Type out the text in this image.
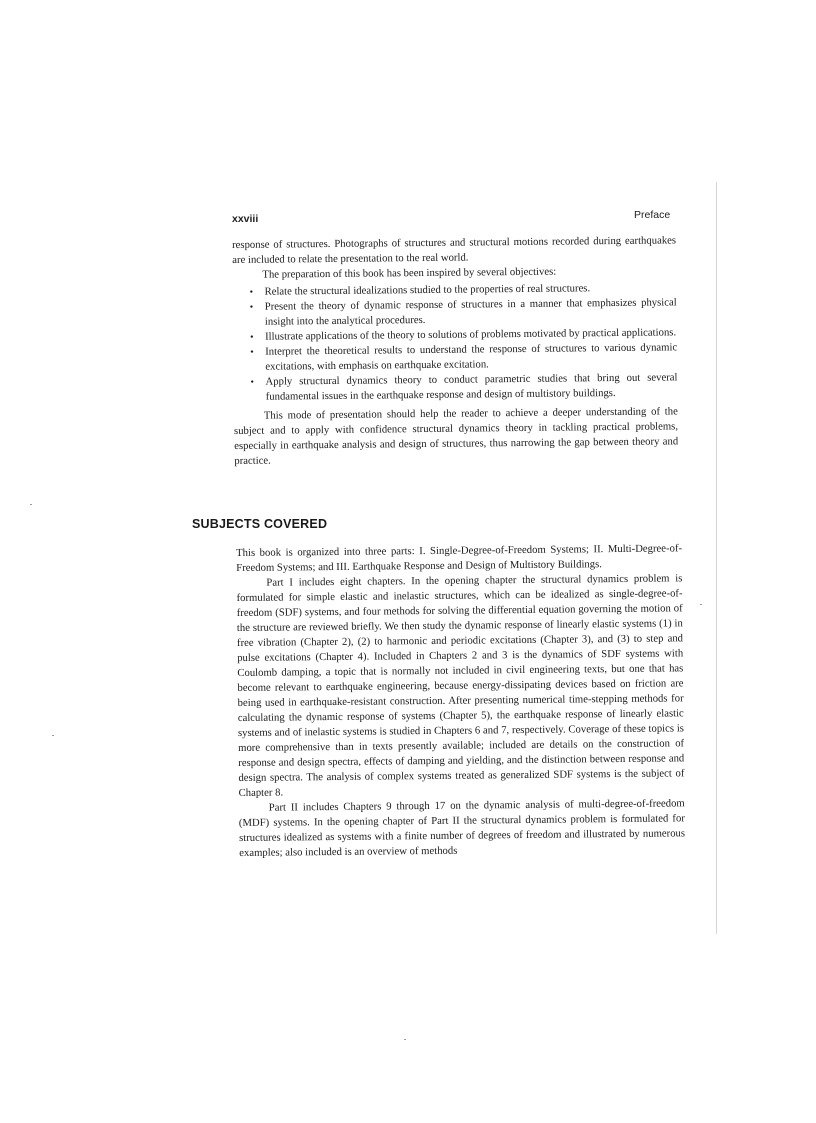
xxviii	Preface

response of structures. Photographs of structures and structural motions recorded during earthquakes are included to relate the presentation to the real world.

The preparation of this book has been inspired by several objectives:

• Relate the structural idealizations studied to the properties of real structures.
• Present the theory of dynamic response of structures in a manner that emphasizes physical insight into the analytical procedures.
• Illustrate applications of the theory to solutions of problems motivated by practical applications.
• Interpret the theoretical results to understand the response of structures to various dynamic excitations, with emphasis on earthquake excitation.
• Apply structural dynamics theory to conduct parametric studies that bring out several fundamental issues in the earthquake response and design of multistory buildings.

This mode of presentation should help the reader to achieve a deeper understanding of the subject and to apply with confidence structural dynamics theory in tackling practical problems, especially in earthquake analysis and design of structures, thus narrowing the gap between theory and practice.

SUBJECTS COVERED

This book is organized into three parts: I. Single-Degree-of-Freedom Systems; II. Multi-Degree-of-Freedom Systems; and III. Earthquake Response and Design of Multistory Buildings.

Part I includes eight chapters. In the opening chapter the structural dynamics problem is formulated for simple elastic and inelastic structures, which can be idealized as single-degree-of-freedom (SDF) systems, and four methods for solving the differential equation governing the motion of the structure are reviewed briefly. We then study the dynamic response of linearly elastic systems (1) in free vibration (Chapter 2), (2) to harmonic and periodic excitations (Chapter 3), and (3) to step and pulse excitations (Chapter 4). Included in Chapters 2 and 3 is the dynamics of SDF systems with Coulomb damping, a topic that is normally not included in civil engineering texts, but one that has become relevant to earthquake engineering, because energy-dissipating devices based on friction are being used in earthquake-resistant construction. After presenting numerical time-stepping methods for calculating the dynamic response of systems (Chapter 5), the earthquake response of linearly elastic systems and of inelastic systems is studied in Chapters 6 and 7, respectively. Coverage of these topics is more comprehensive than in texts presently available; included are details on the construction of response and design spectra, effects of damping and yielding, and the distinction between response and design spectra. The analysis of complex systems treated as generalized SDF systems is the subject of Chapter 8.

Part II includes Chapters 9 through 17 on the dynamic analysis of multi-degree-of-freedom (MDF) systems. In the opening chapter of Part II the structural dynamics problem is formulated for structures idealized as systems with a finite number of degrees of freedom and illustrated by numerous examples; also included is an overview of methods
